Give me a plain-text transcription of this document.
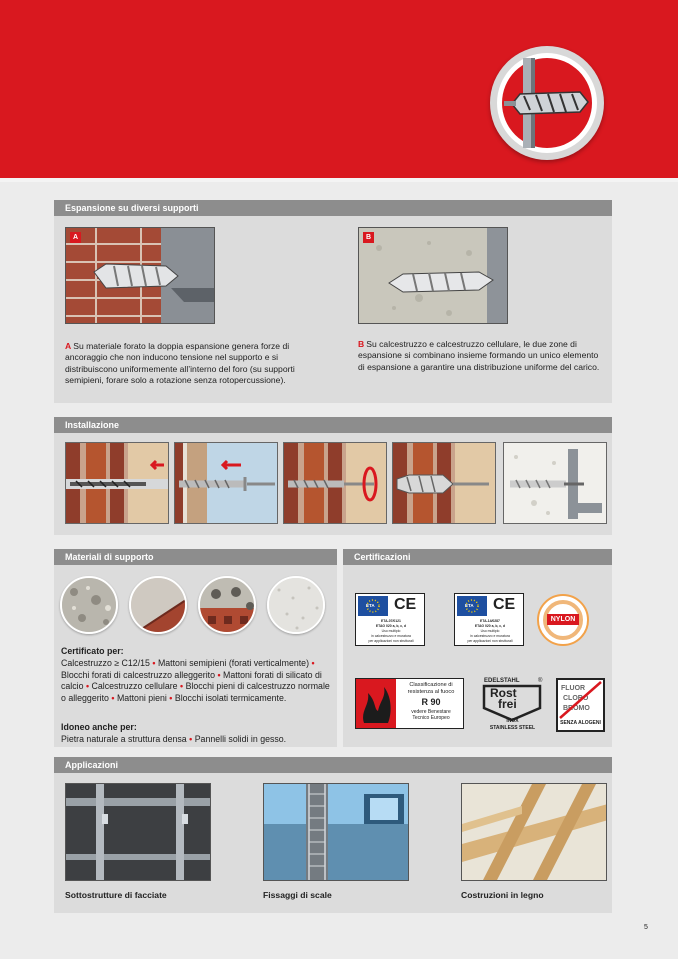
Espansione su diversi supporti
A	B
A Su materiale forato la doppia espansione genera forze di ancoraggio che non inducono tensione nel supporto e si distribuiscono uniformemente all’interno del foro (su supporti semipieni, forare solo a rotazione senza rotopercussione).
B Su calcestruzzo e calcestruzzo cellulare, le due zone di espansione si combinano insieme formando un unico elemento di espansione a garantire una distribuzione uniforme del carico.
Installazione
Materiali di supporto
Certificato per:
Calcestruzzo ≥ C12/15 • Mattoni semipieni (forati verticalmente) • Blocchi forati di calcestruzzo alleggerito • Mattoni forati di silicato di calcio • Calcestruzzo cellulare • Blocchi pieni di calcestruzzo normale o alleggerito • Mattoni pieni • Blocchi isolati termicamente.
Idoneo anche per:
Pietra naturale a struttura densa • Pannelli solidi in gesso.
Certificazioni
ETA CE
ETA-07/0121
ETAG 020 a, b, c, d
Uso multiplo
in calcestruzzo e muratura
per applicazioni non strutturali
ETA CE
ETA-14/0287
ETAG 020 a, b, c, d
Uso multiplo
in calcestruzzo e muratura
per applicazioni non strutturali
NYLON
Classificazione di
resistenza al fuoco
R 90
vedere Benestare
Tecnico Europeo
EDELSTAHL	®
Rost
frei
INOX
STAINLESS STEEL
FLUOR
CLORO
BROMO
SENZA ALOGENI
Applicazioni
Sottostrutture di facciate	Fissaggi di scale	Costruzioni in legno
5
